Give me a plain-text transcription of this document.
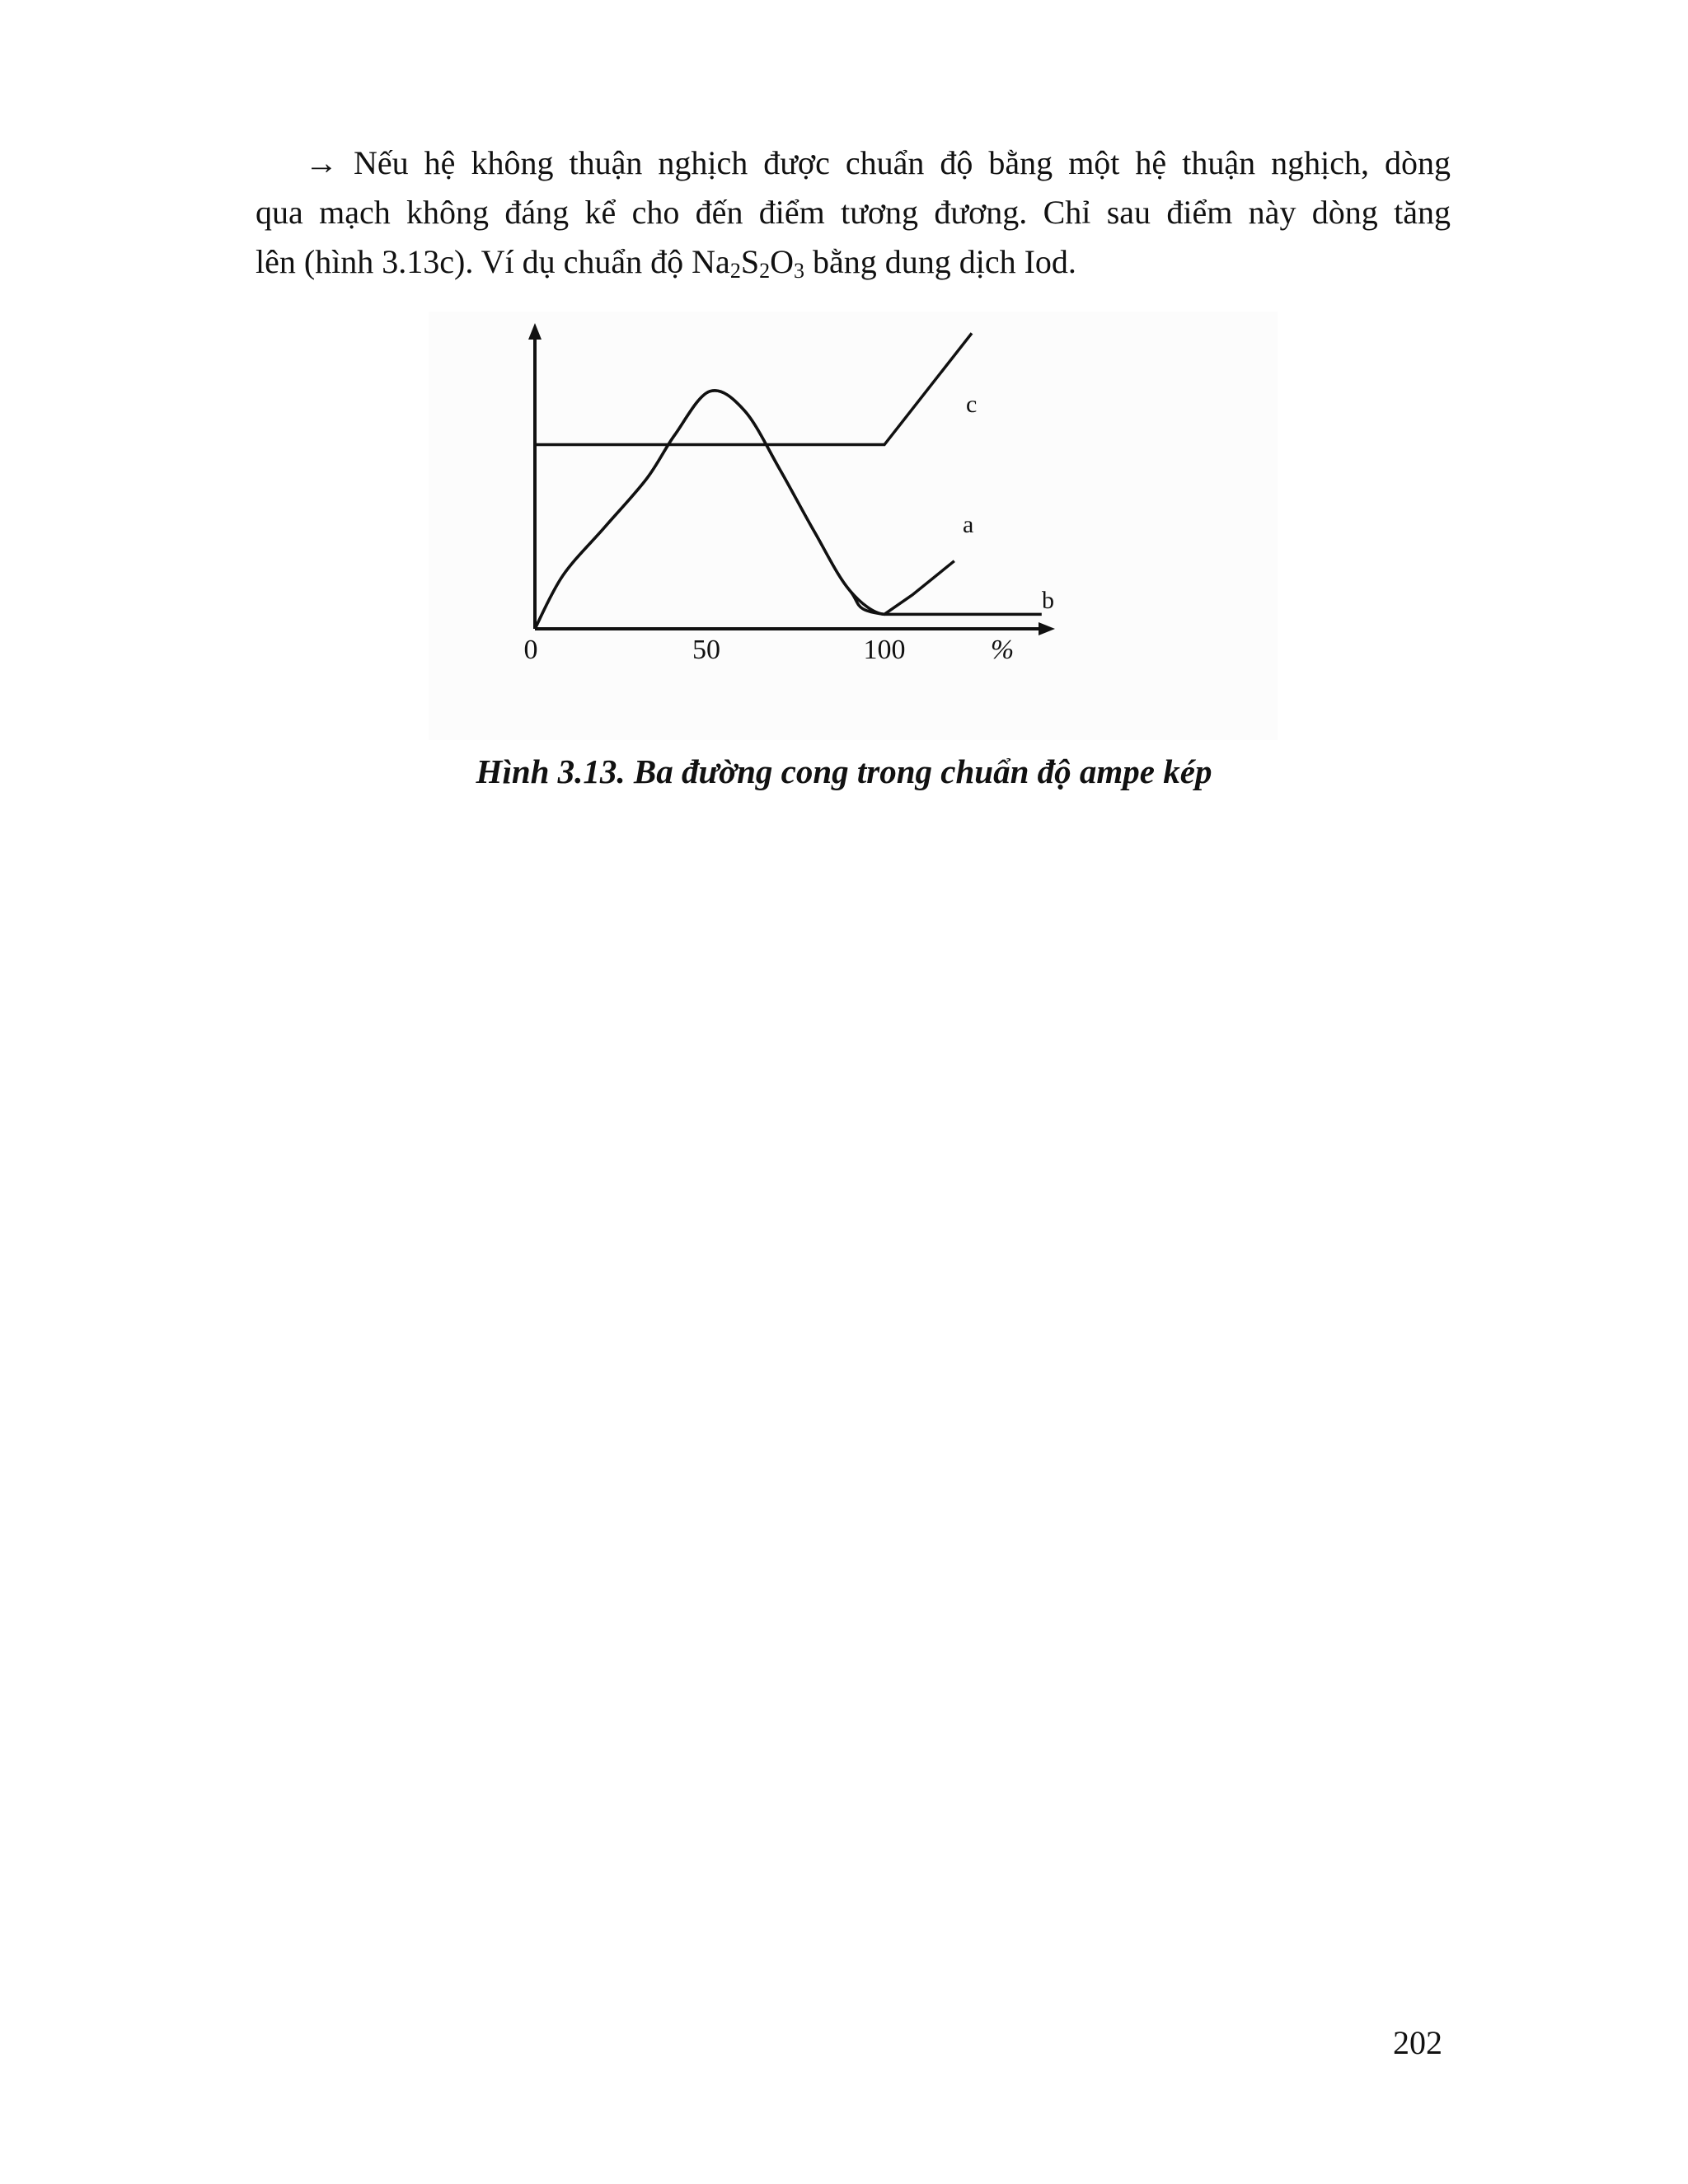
→ Nếu hệ không thuận nghịch được chuẩn độ bằng một hệ thuận nghịch, dòng
qua mạch không đáng kể cho đến điểm tương đương. Chỉ sau điểm này dòng tăng
lên (hình 3.13c). Ví dụ chuẩn độ $Na_2S_2O_3$ bằng dung dịch Iod.
0	50	100	%
c
a
b

Hình 3.13. Ba đường cong trong chuẩn độ ampe kép

202
